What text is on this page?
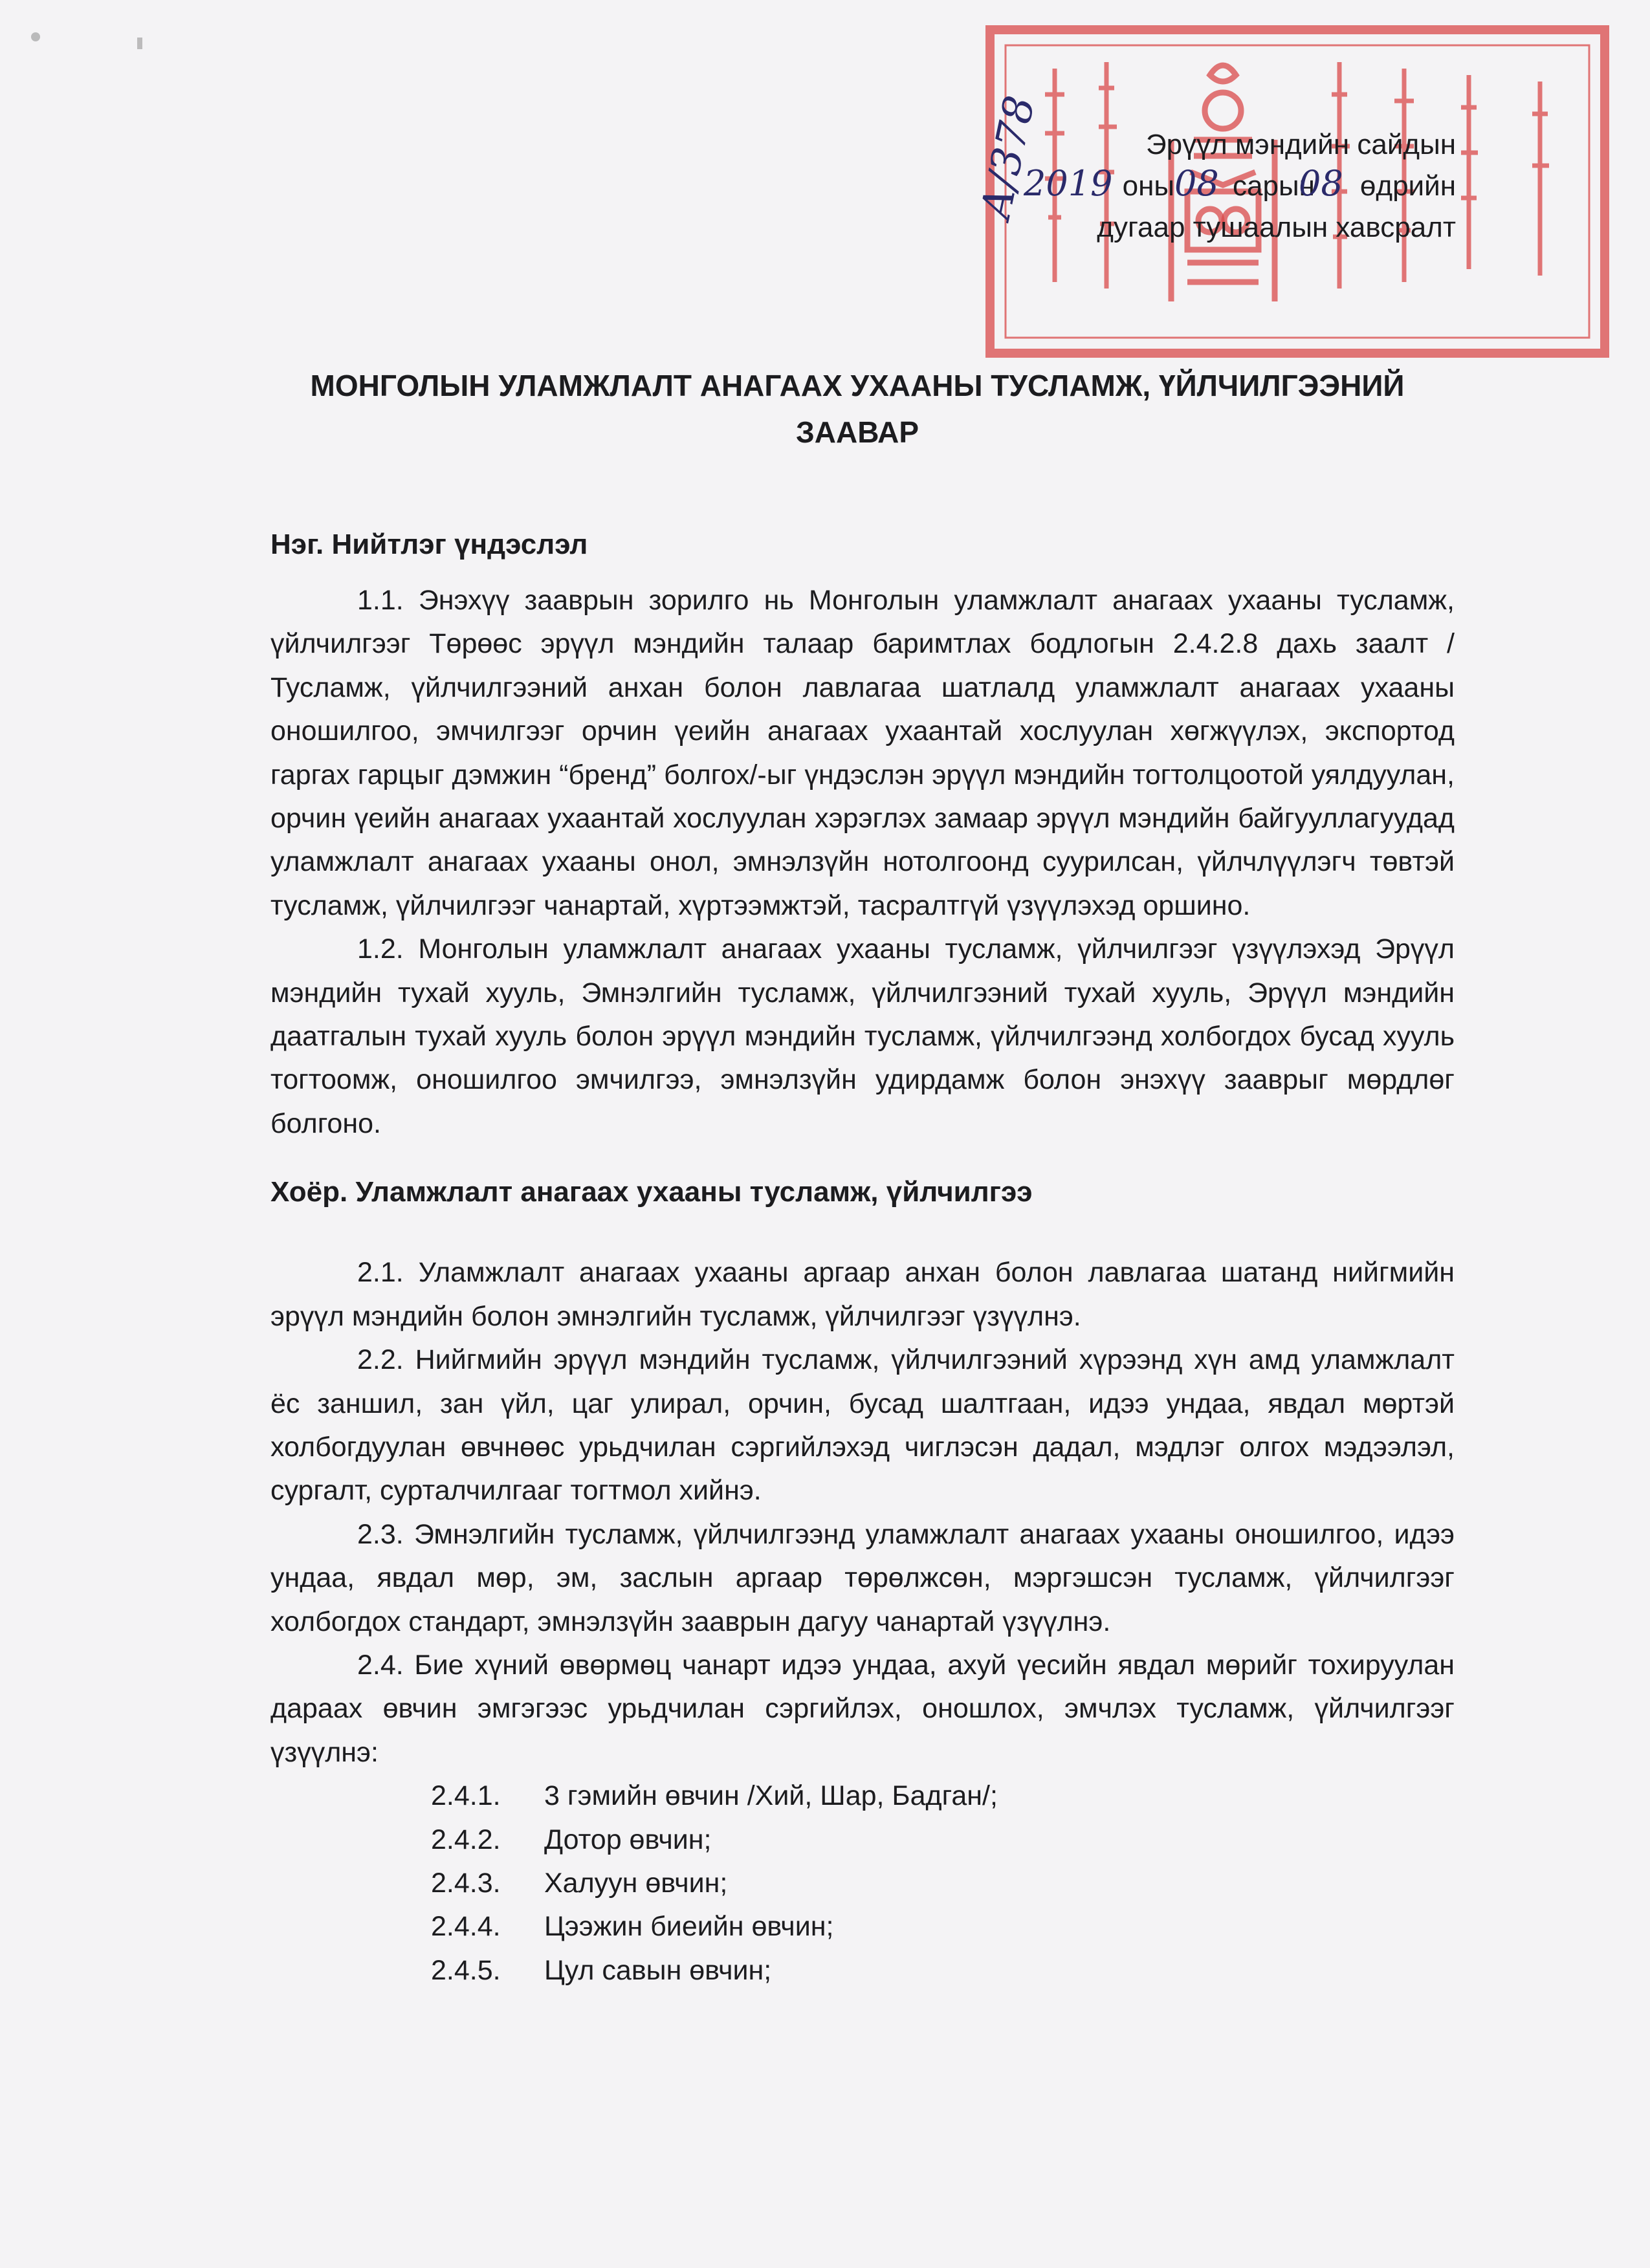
Эрүүл мэндийн сайдын
оны сарын өдрийн
дугаар тушаалын хавсралт
2019 08 08
А/378
МОНГОЛЫН УЛАМЖЛАЛТ АНАГААХ УХААНЫ ТУСЛАМЖ, ҮЙЛЧИЛГЭЭНИЙ
ЗААВАР
Нэг. Нийтлэг үндэслэл

1.1. Энэхүү зааврын зорилго нь Монголын уламжлалт анагаах ухааны тусламж, үйлчилгээг Төрөөс эрүүл мэндийн талаар баримтлах бодлогын 2.4.2.8 дахь заалт /Тусламж, үйлчилгээний анхан болон лавлагаа шатлалд уламжлалт анагаах ухааны оношилгоо, эмчилгээг орчин үеийн анагаах ухаантай хослуулан хөгжүүлэх, экспортод гаргах гарцыг дэмжин “бренд” болгох/-ыг үндэслэн эрүүл мэндийн тогтолцоотой уялдуулан, орчин үеийн анагаах ухаантай хослуулан хэрэглэх замаар эрүүл мэндийн байгууллагуудад уламжлалт анагаах ухааны онол, эмнэлзүйн нотолгоонд суурилсан, үйлчлүүлэгч төвтэй тусламж, үйлчилгээг чанартай, хүртээмжтэй, тасралтгүй үзүүлэхэд оршино.

1.2. Монголын уламжлалт анагаах ухааны тусламж, үйлчилгээг үзүүлэхэд Эрүүл мэндийн тухай хууль, Эмнэлгийн тусламж, үйлчилгээний тухай хууль, Эрүүл мэндийн даатгалын тухай хууль болон эрүүл мэндийн тусламж, үйлчилгээнд холбогдох бусад хууль тогтоомж, оношилгоо эмчилгээ, эмнэлзүйн удирдамж болон энэхүү зааврыг мөрдлөг болгоно.

Хоёр. Уламжлалт анагаах ухааны тусламж, үйлчилгээ

2.1. Уламжлалт анагаах ухааны аргаар анхан болон лавлагаа шатанд нийгмийн эрүүл мэндийн болон эмнэлгийн тусламж, үйлчилгээг үзүүлнэ.

2.2. Нийгмийн эрүүл мэндийн тусламж, үйлчилгээний хүрээнд хүн амд уламжлалт ёс заншил, зан үйл, цаг улирал, орчин, бусад шалтгаан, идээ ундаа, явдал мөртэй холбогдуулан өвчнөөс урьдчилан сэргийлэхэд чиглэсэн дадал, мэдлэг олгох мэдээлэл, сургалт, сурталчилгааг тогтмол хийнэ.

2.3. Эмнэлгийн тусламж, үйлчилгээнд уламжлалт анагаах ухааны оношилгоо, идээ ундаа, явдал мөр, эм, заслын аргаар төрөлжсөн, мэргэшсэн тусламж, үйлчилгээг холбогдох стандарт, эмнэлзүйн зааврын дагуу чанартай үзүүлнэ.

2.4. Бие хүний өвөрмөц чанарт идээ ундаа, ахуй үесийн явдал мөрийг тохируулан дараах өвчин эмгэгээс урьдчилан сэргийлэх, оношлох, эмчлэх тусламж, үйлчилгээг үзүүлнэ:

2.4.1. 3 гэмийн өвчин /Хий, Шар, Бадган/;
2.4.2. Дотор өвчин;
2.4.3. Халуун өвчин;
2.4.4. Цээжин биеийн өвчин;
2.4.5. Цул савын өвчин;
